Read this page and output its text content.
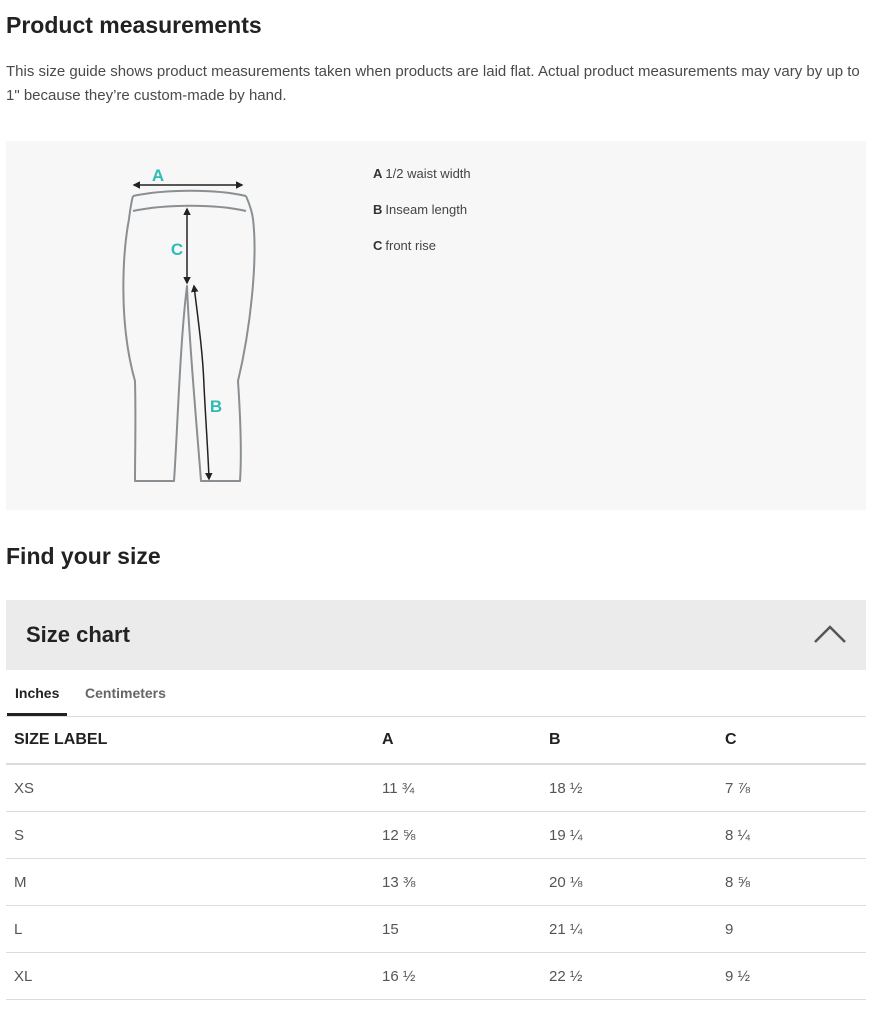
Product measurements
This size guide shows product measurements taken when products are laid flat. Actual product measurements may vary by up to 1" because they’re custom-made by hand.
A
C
B
A 1/2 waist width
B Inseam length
C front rise
Find your size
Size chart
Inches Centimeters
SIZE LABEL	A	B	C
XS	11 ¾	18 ½	7 ⅞
S	12 ⅝	19 ¼	8 ¼
M	13 ⅜	20 ⅛	8 ⅝
L	15	21 ¼	9
XL	16 ½	22 ½	9 ½
